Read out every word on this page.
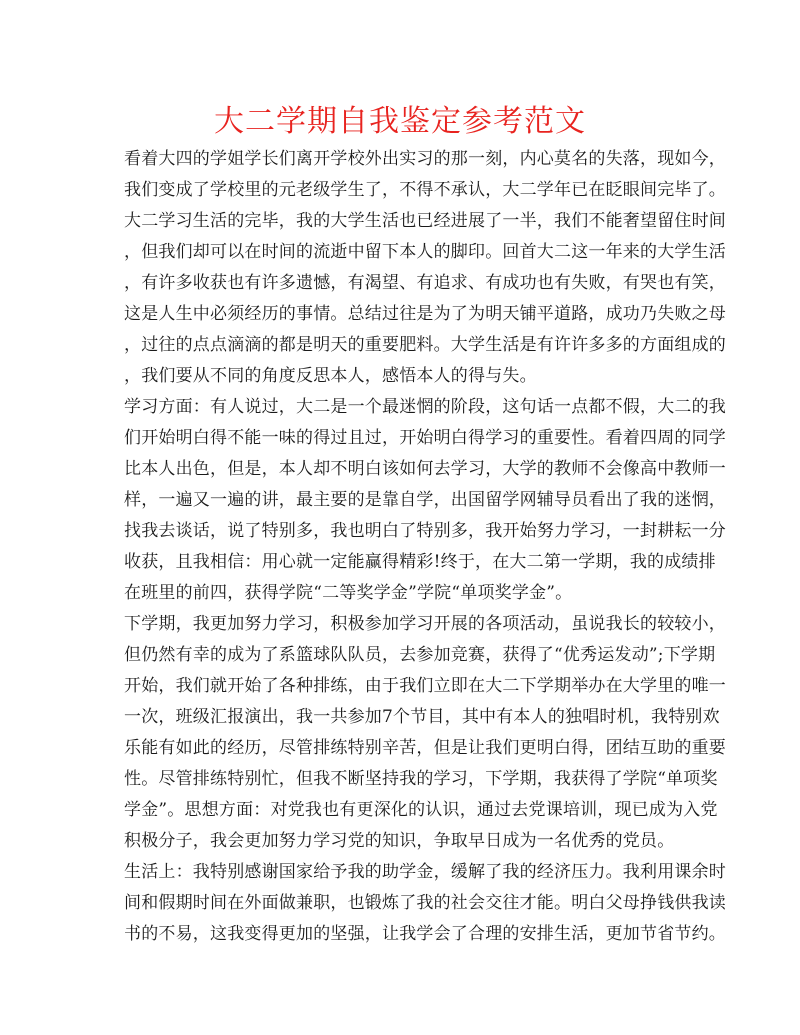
大二学期自我鉴定参考范文
看着大四的学姐学长们离开学校外出实习的那一刻，内心莫名的失落，现如今，
我们变成了学校里的元老级学生了，不得不承认，大二学年已在眨眼间完毕了。
大二学习生活的完毕，我的大学生活也已经进展了一半，我们不能奢望留住时间
，但我们却可以在时间的流逝中留下本人的脚印。回首大二这一年来的大学生活
，有许多收获也有许多遗憾，有渴望、有追求、有成功也有失败，有哭也有笑，
这是人生中必须经历的事情。总结过往是为了为明天铺平道路，成功乃失败之母
，过往的点点滴滴的都是明天的重要肥料。大学生活是有许许多多的方面组成的
，我们要从不同的角度反思本人，感悟本人的得与失。
学习方面：有人说过，大二是一个最迷惘的阶段，这句话一点都不假，大二的我
们开始明白得不能一味的得过且过，开始明白得学习的重要性。看着四周的同学
比本人出色，但是，本人却不明白该如何去学习，大学的教师不会像高中教师一
样，一遍又一遍的讲，最主要的是靠自学，出国留学网辅导员看出了我的迷惘，
找我去谈话，说了特别多，我也明白了特别多，我开始努力学习，一封耕耘一分
收获，且我相信：用心就一定能赢得精彩!终于，在大二第一学期，我的成绩排
在班里的前四，获得学院“二等奖学金”学院“单项奖学金”。
下学期，我更加努力学习，积极参加学习开展的各项活动，虽说我长的较较小，
但仍然有幸的成为了系篮球队队员，去参加竞赛，获得了“优秀运发动”;下学期
开始，我们就开始了各种排练，由于我们立即在大二下学期举办在大学里的唯一
一次，班级汇报演出，我一共参加7个节目，其中有本人的独唱时机，我特别欢
乐能有如此的经历，尽管排练特别辛苦，但是让我们更明白得，团结互助的重要
性。尽管排练特别忙，但我不断坚持我的学习，下学期，我获得了学院“单项奖
学金”。思想方面：对党我也有更深化的认识，通过去党课培训，现已成为入党
积极分子，我会更加努力学习党的知识，争取早日成为一名优秀的党员。
生活上：我特别感谢国家给予我的助学金，缓解了我的经济压力。我利用课余时
间和假期时间在外面做兼职，也锻炼了我的社会交往才能。明白父母挣钱供我读
书的不易，这我变得更加的坚强，让我学会了合理的安排生活，更加节省节约。
